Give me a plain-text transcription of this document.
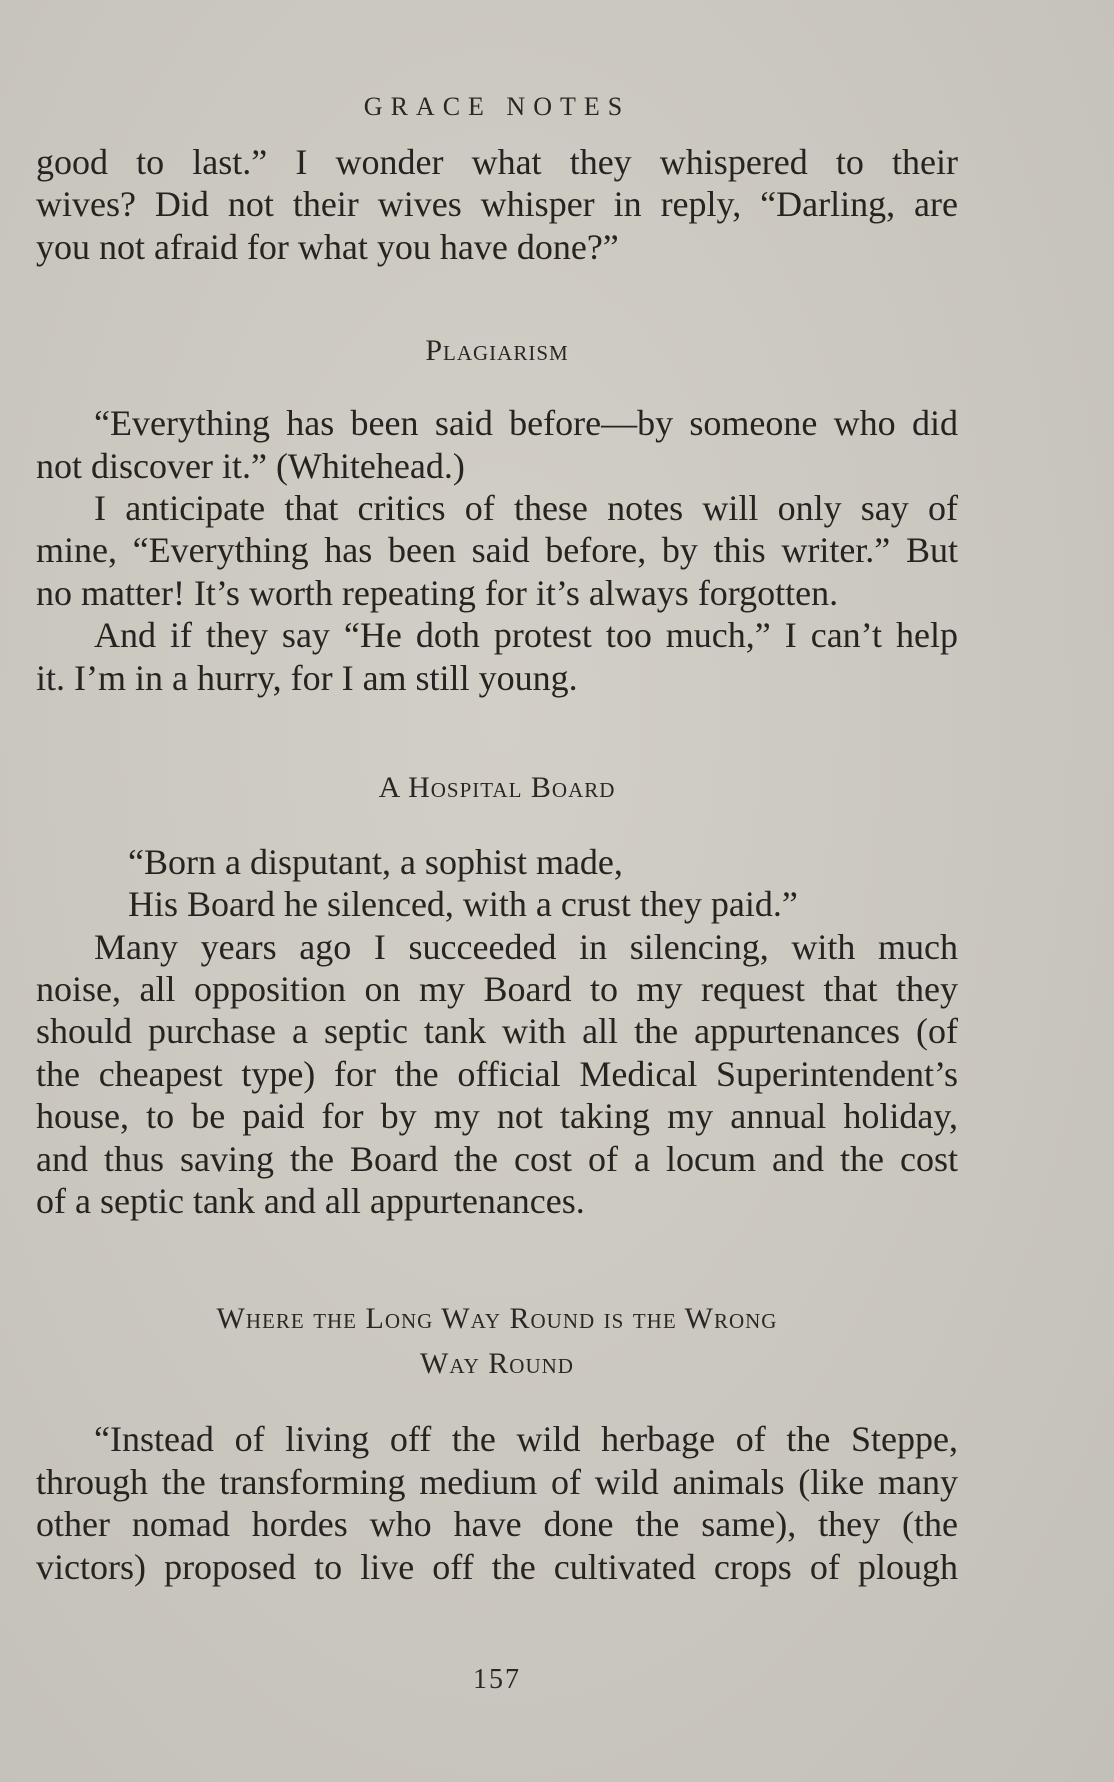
GRACE NOTES
good to last.” I wonder what they whispered to their
wives? Did not their wives whisper in reply, “Darling, are
you not afraid for what you have done?”
Plagiarism
“Everything has been said before—by someone who did
not discover it.” (Whitehead.)
I anticipate that critics of these notes will only say of
mine, “Everything has been said before, by this writer.” But
no matter! It’s worth repeating for it’s always forgotten.
And if they say “He doth protest too much,” I can’t help
it. I’m in a hurry, for I am still young.
A Hospital Board
“Born a disputant, a sophist made,
His Board he silenced, with a crust they paid.”
Many years ago I succeeded in silencing, with much
noise, all opposition on my Board to my request that they
should purchase a septic tank with all the appurtenances (of
the cheapest type) for the official Medical Superintendent’s
house, to be paid for by my not taking my annual holiday,
and thus saving the Board the cost of a locum and the cost
of a septic tank and all appurtenances.
Where the Long Way Round is the Wrong
Way Round
“Instead of living off the wild herbage of the Steppe,
through the transforming medium of wild animals (like many
other nomad hordes who have done the same), they (the
victors) proposed to live off the cultivated crops of plough
157
